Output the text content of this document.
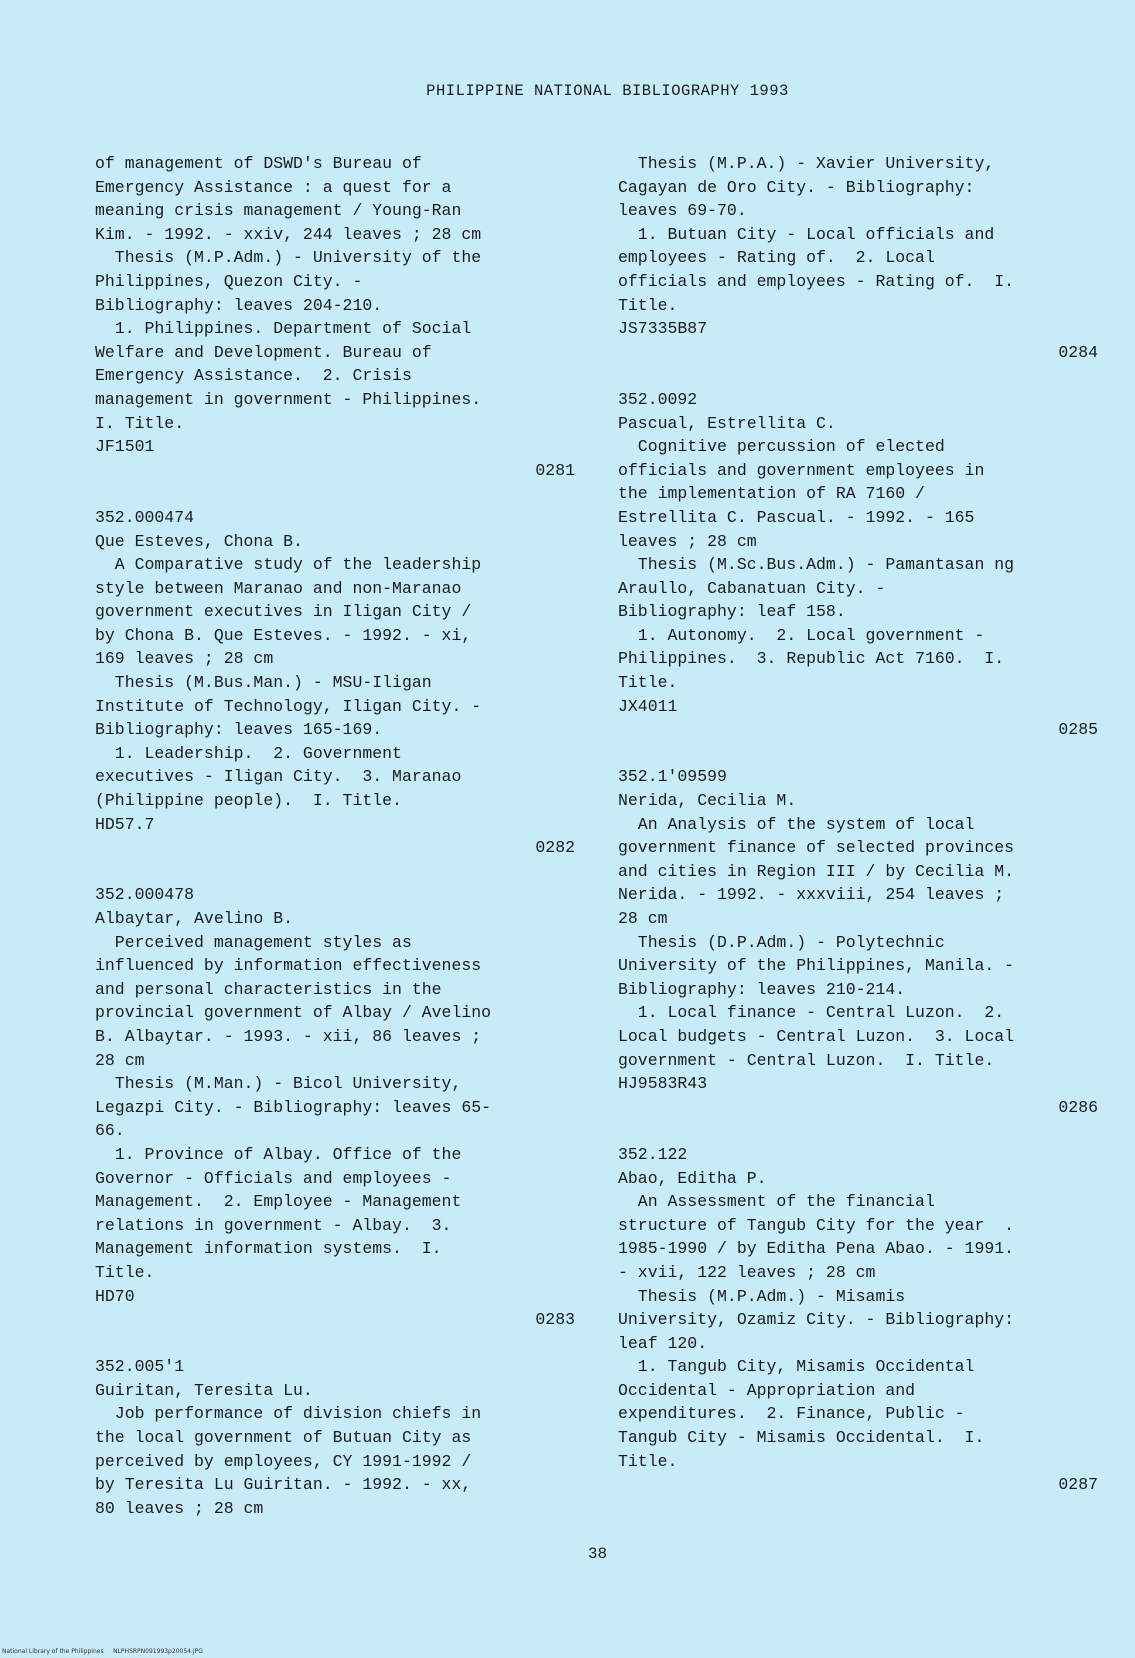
PHILIPPINE NATIONAL BIBLIOGRAPHY 1993
of management of DSWD's Bureau of
Emergency Assistance : a quest for a
meaning crisis management / Young-Ran
Kim. - 1992. - xxiv, 244 leaves ; 28 cm
Thesis (M.P.Adm.) - University of the
Philippines, Quezon City. -
Bibliography: leaves 204-210.
1. Philippines. Department of Social
Welfare and Development. Bureau of
Emergency Assistance.  2. Crisis
management in government - Philippines.
I. Title.
JF1501
0281
352.000474
Que Esteves, Chona B.
A Comparative study of the leadership
style between Maranao and non-Maranao
government executives in Iligan City /
by Chona B. Que Esteves. - 1992. - xi,
169 leaves ; 28 cm
Thesis (M.Bus.Man.) - MSU-Iligan
Institute of Technology, Iligan City. -
Bibliography: leaves 165-169.
1. Leadership.  2. Government
executives - Iligan City.  3. Maranao
(Philippine people).  I. Title.
HD57.7
0282
352.000478
Albaytar, Avelino B.
Perceived management styles as
influenced by information effectiveness
and personal characteristics in the
provincial government of Albay / Avelino
B. Albaytar. - 1993. - xii, 86 leaves ;
28 cm
Thesis (M.Man.) - Bicol University,
Legazpi City. - Bibliography: leaves 65-
66.
1. Province of Albay. Office of the
Governor - Officials and employees -
Management.  2. Employee - Management
relations in government - Albay.  3.
Management information systems.  I.
Title.
HD70
0283
352.005'1
Guiritan, Teresita Lu.
Job performance of division chiefs in
the local government of Butuan City as
perceived by employees, CY 1991-1992 /
by Teresita Lu Guiritan. - 1992. - xx,
80 leaves ; 28 cm
Thesis (M.P.A.) - Xavier University,
Cagayan de Oro City. - Bibliography:
leaves 69-70.
1. Butuan City - Local officials and
employees - Rating of.  2. Local
officials and employees - Rating of.  I.
Title.
JS7335B87
0284
352.0092
Pascual, Estrellita C.
Cognitive percussion of elected
officials and government employees in
the implementation of RA 7160 /
Estrellita C. Pascual. - 1992. - 165
leaves ; 28 cm
Thesis (M.Sc.Bus.Adm.) - Pamantasan ng
Araullo, Cabanatuan City. -
Bibliography: leaf 158.
1. Autonomy.  2. Local government -
Philippines.  3. Republic Act 7160.  I.
Title.
JX4011
0285
352.1'09599
Nerida, Cecilia M.
An Analysis of the system of local
government finance of selected provinces
and cities in Region III / by Cecilia M.
Nerida. - 1992. - xxxviii, 254 leaves ;
28 cm
Thesis (D.P.Adm.) - Polytechnic
University of the Philippines, Manila. -
Bibliography: leaves 210-214.
1. Local finance - Central Luzon.  2.
Local budgets - Central Luzon.  3. Local
government - Central Luzon.  I. Title.
HJ9583R43
0286
352.122
Abao, Editha P.
An Assessment of the financial
structure of Tangub City for the year  .
1985-1990 / by Editha Pena Abao. - 1991.
- xvii, 122 leaves ; 28 cm
Thesis (M.P.Adm.) - Misamis
University, Ozamiz City. - Bibliography:
leaf 120.
1. Tangub City, Misamis Occidental
Occidental - Appropriation and
expenditures.  2. Finance, Public -
Tangub City - Misamis Occidental.  I.
Title.
0287
38
National Library of the Philippines     NLPHSRPN091993p20054.JPG
